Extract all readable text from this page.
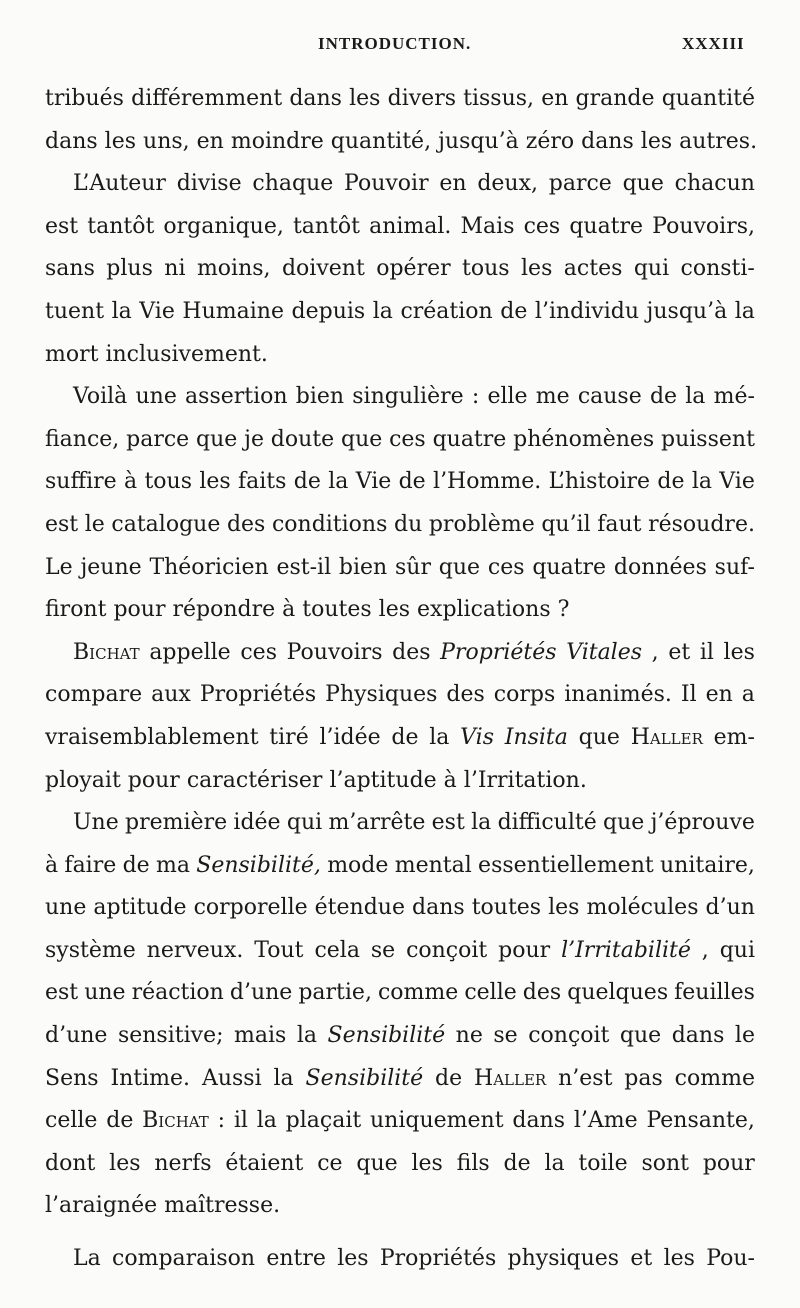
INTRODUCTION.	XXXIII
tribués différemment dans les divers tissus, en grande quantité
dans
les
uns,
en
moindre
quantité,
jusqu’à
zéro
dans
les
autres.
L’Auteur divise chaque Pouvoir en deux, parce que chacun
est tantôt organique, tantôt animal. Mais ces quatre Pouvoirs,
sans plus ni moins, doivent opérer tous les actes qui consti-
tuent la Vie Humaine depuis la création de l’individu jusqu’à la
mort
inclusivement.
Voilà une assertion bien singulière : elle me cause de la mé-
fiance, parce que je doute que ces quatre phénomènes puissent
suffire à tous les faits de la Vie de l’Homme. L’histoire de la Vie
est le catalogue des conditions du problème qu’il faut résoudre.
Le jeune Théoricien est-il bien sûr que ces quatre données suf-
firont
pour
répondre
à
toutes
les
explications
?
Bichat appelle ces Pouvoirs des Propriétés Vitales , et il les
compare aux Propriétés Physiques des corps inanimés. Il en a
vraisemblablement tiré l’idée de la Vis Insita que Haller em-
ployait
pour
caractériser
l’aptitude
à
l’Irritation.
Une première idée qui m’arrête est la difficulté que j’éprouve
à faire de ma Sensibilité, mode mental essentiellement unitaire,
une aptitude corporelle étendue dans toutes les molécules d’un
système nerveux. Tout cela se conçoit pour l’Irritabilité , qui
est une réaction d’une partie, comme celle des quelques feuilles
d’une sensitive; mais la Sensibilité ne se conçoit que dans le
Sens Intime. Aussi la Sensibilité de Haller n’est pas comme
celle de Bichat : il la plaçait uniquement dans l’Ame Pensante,
dont les nerfs étaient ce que les fils de la toile sont pour
l’araignée
maîtresse.
La comparaison entre les Propriétés physiques et les Pou-
